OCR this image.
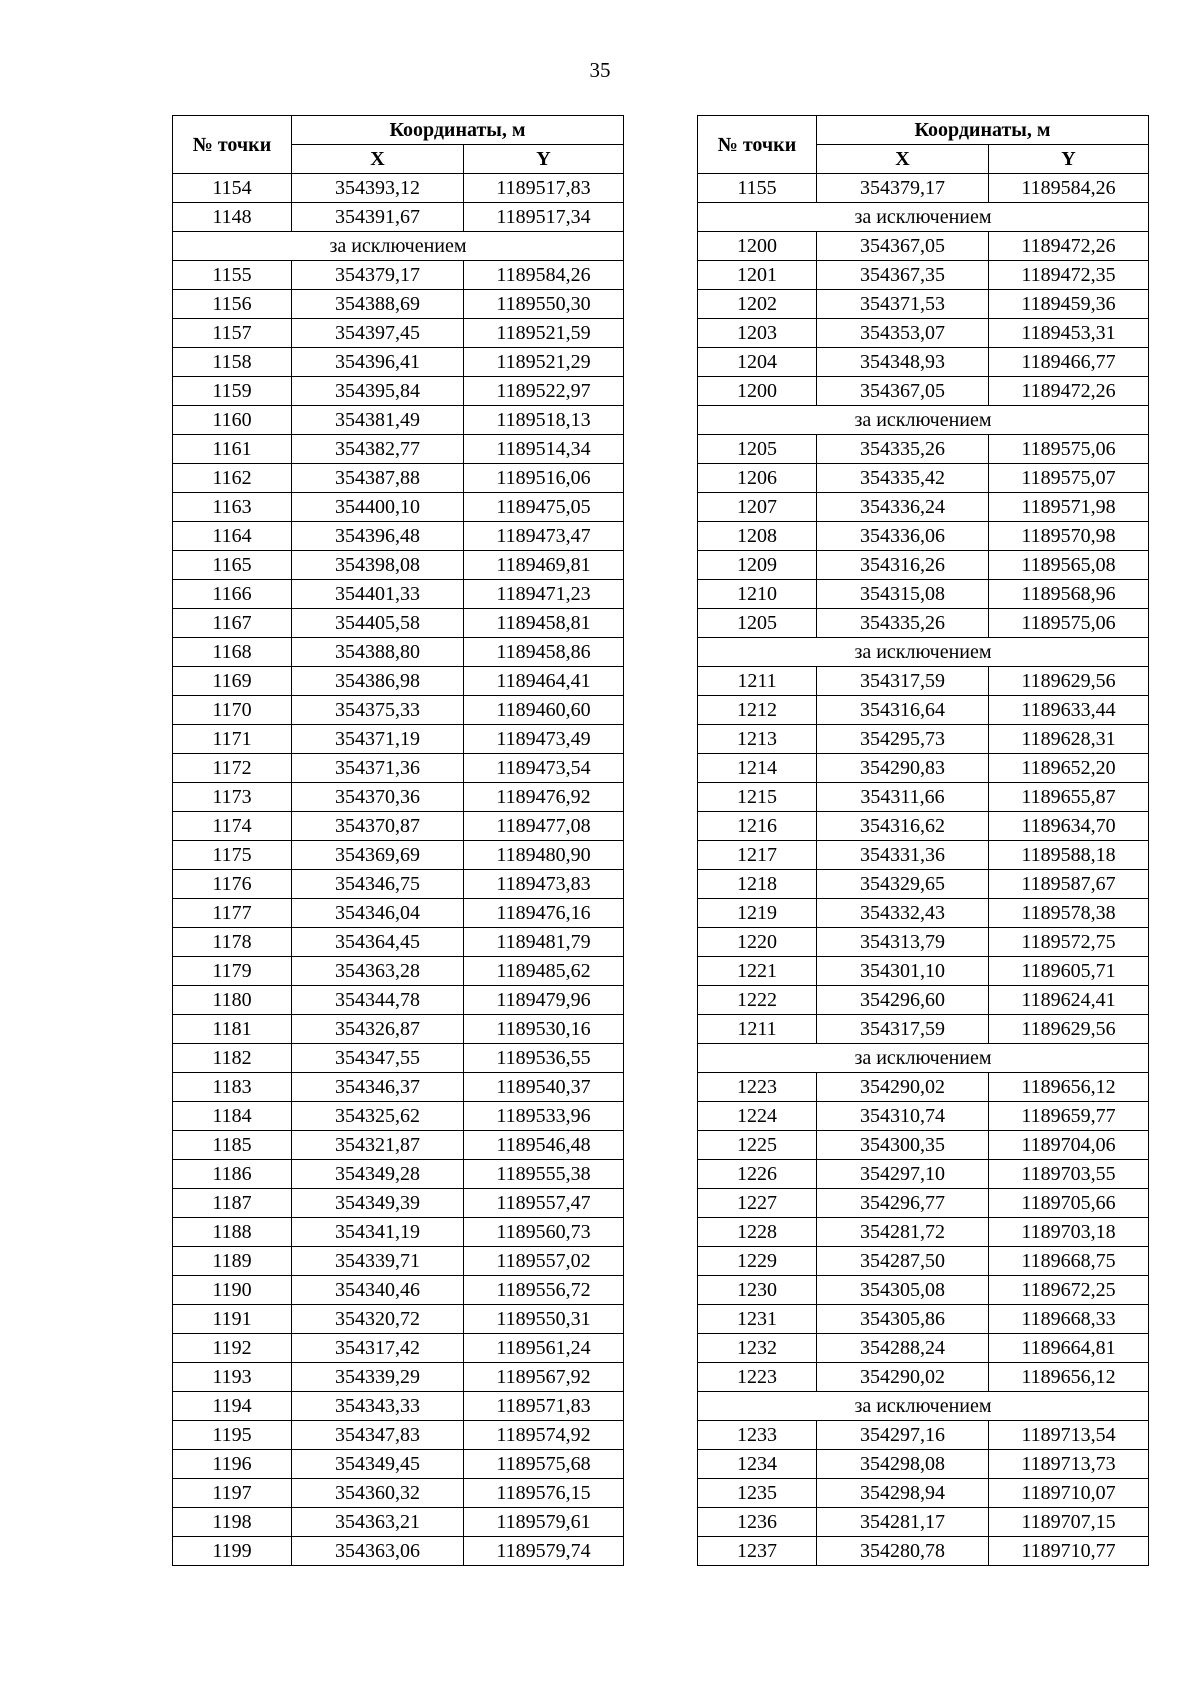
35
№ точки	Координаты, м	
	X	Y
1154	354393,12	1189517,83
1148	354391,67	1189517,34
за исключением		
1155	354379,17	1189584,26
1156	354388,69	1189550,30
1157	354397,45	1189521,59
1158	354396,41	1189521,29
1159	354395,84	1189522,97
1160	354381,49	1189518,13
1161	354382,77	1189514,34
1162	354387,88	1189516,06
1163	354400,10	1189475,05
1164	354396,48	1189473,47
1165	354398,08	1189469,81
1166	354401,33	1189471,23
1167	354405,58	1189458,81
1168	354388,80	1189458,86
1169	354386,98	1189464,41
1170	354375,33	1189460,60
1171	354371,19	1189473,49
1172	354371,36	1189473,54
1173	354370,36	1189476,92
1174	354370,87	1189477,08
1175	354369,69	1189480,90
1176	354346,75	1189473,83
1177	354346,04	1189476,16
1178	354364,45	1189481,79
1179	354363,28	1189485,62
1180	354344,78	1189479,96
1181	354326,87	1189530,16
1182	354347,55	1189536,55
1183	354346,37	1189540,37
1184	354325,62	1189533,96
1185	354321,87	1189546,48
1186	354349,28	1189555,38
1187	354349,39	1189557,47
1188	354341,19	1189560,73
1189	354339,71	1189557,02
1190	354340,46	1189556,72
1191	354320,72	1189550,31
1192	354317,42	1189561,24
1193	354339,29	1189567,92
1194	354343,33	1189571,83
1195	354347,83	1189574,92
1196	354349,45	1189575,68
1197	354360,32	1189576,15
1198	354363,21	1189579,61
1199	354363,06	1189579,74
№ точки	Координаты, м	
	X	Y
1155	354379,17	1189584,26
за исключением		
1200	354367,05	1189472,26
1201	354367,35	1189472,35
1202	354371,53	1189459,36
1203	354353,07	1189453,31
1204	354348,93	1189466,77
1200	354367,05	1189472,26
за исключением		
1205	354335,26	1189575,06
1206	354335,42	1189575,07
1207	354336,24	1189571,98
1208	354336,06	1189570,98
1209	354316,26	1189565,08
1210	354315,08	1189568,96
1205	354335,26	1189575,06
за исключением		
1211	354317,59	1189629,56
1212	354316,64	1189633,44
1213	354295,73	1189628,31
1214	354290,83	1189652,20
1215	354311,66	1189655,87
1216	354316,62	1189634,70
1217	354331,36	1189588,18
1218	354329,65	1189587,67
1219	354332,43	1189578,38
1220	354313,79	1189572,75
1221	354301,10	1189605,71
1222	354296,60	1189624,41
1211	354317,59	1189629,56
за исключением		
1223	354290,02	1189656,12
1224	354310,74	1189659,77
1225	354300,35	1189704,06
1226	354297,10	1189703,55
1227	354296,77	1189705,66
1228	354281,72	1189703,18
1229	354287,50	1189668,75
1230	354305,08	1189672,25
1231	354305,86	1189668,33
1232	354288,24	1189664,81
1223	354290,02	1189656,12
за исключением		
1233	354297,16	1189713,54
1234	354298,08	1189713,73
1235	354298,94	1189710,07
1236	354281,17	1189707,15
1237	354280,78	1189710,77
